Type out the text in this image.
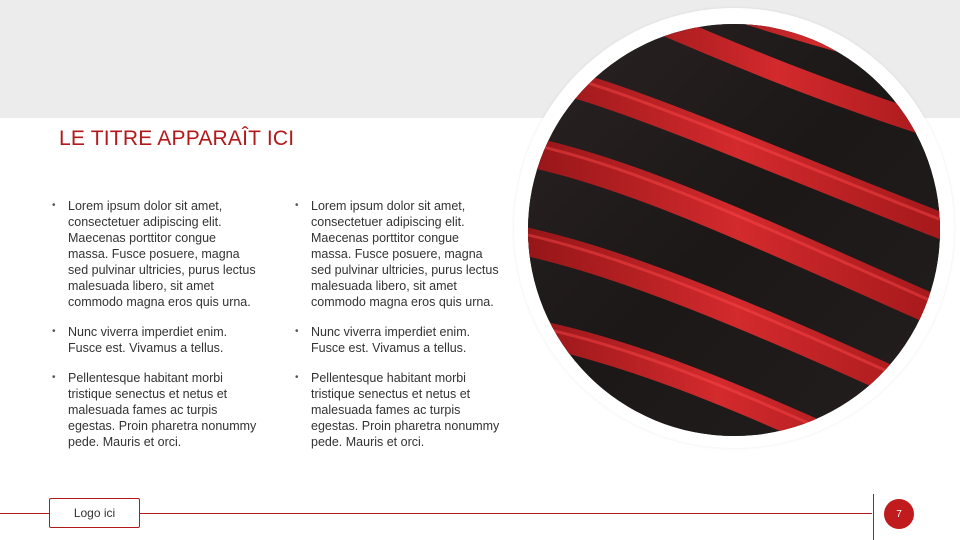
LE TITRE APPARAÎT ICI
• Lorem ipsum dolor sit amet, consectetuer adipiscing elit. Maecenas porttitor congue massa. Fusce posuere, magna sed pulvinar ultricies, purus lectus malesuada libero, sit amet commodo magna eros quis urna.
• Nunc viverra imperdiet enim. Fusce est. Vivamus a tellus.
• Pellentesque habitant morbi tristique senectus et netus et malesuada fames ac turpis egestas. Proin pharetra nonummy pede. Mauris et orci.
• Lorem ipsum dolor sit amet, consectetuer adipiscing elit. Maecenas porttitor congue massa. Fusce posuere, magna sed pulvinar ultricies, purus lectus malesuada libero, sit amet commodo magna eros quis urna.
• Nunc viverra imperdiet enim. Fusce est. Vivamus a tellus.
• Pellentesque habitant morbi tristique senectus et netus et malesuada fames ac turpis egestas. Proin pharetra nonummy pede. Mauris et orci.
Logo ici	7
